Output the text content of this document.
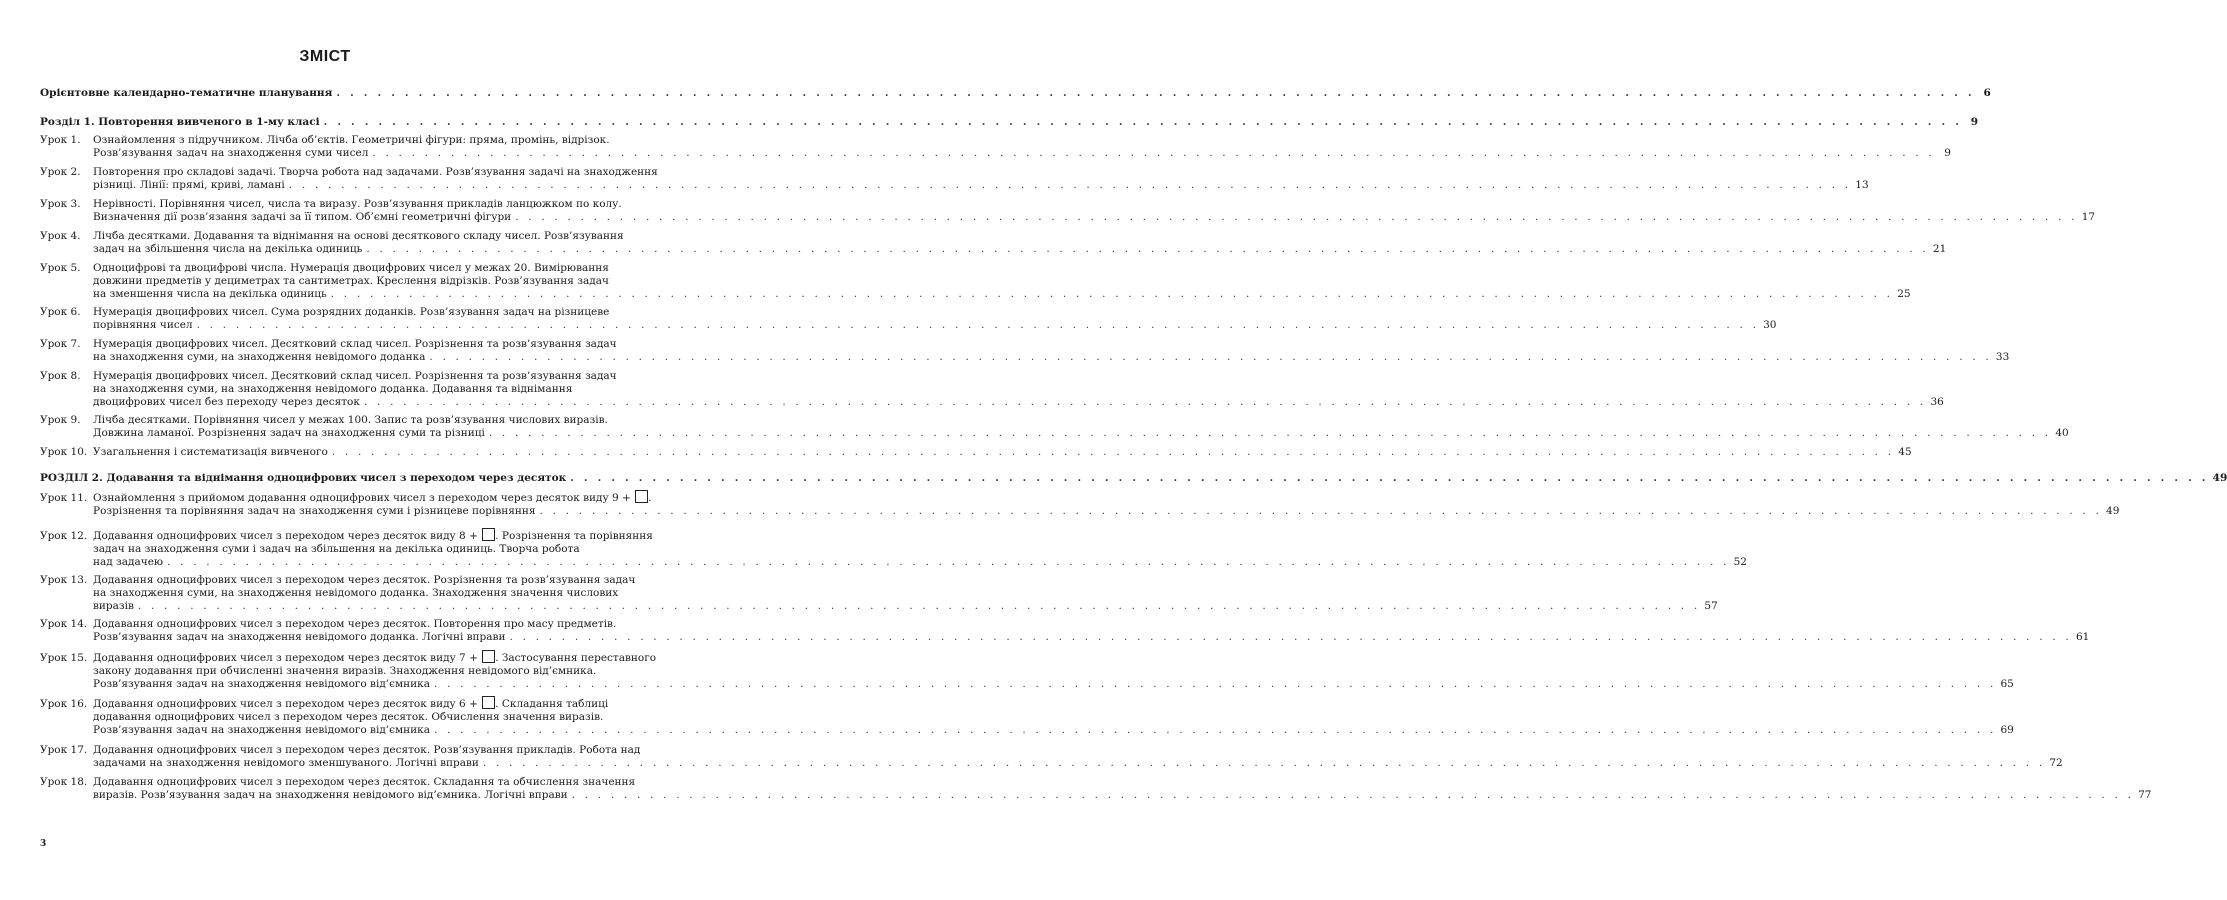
ЗМІСТ
Орієнтовне календарно-тематичне планування . . . . . . . . . . . . . . . . . . . . . . . . . . . . . . . . . . . . . . . . . . . . . . . . . . . . . . . . . . . . . . . . . . . . . . . . . . . . . . . . . . . . . . . . . . . . . . . . . . . . . . . . . . . . . . . . . . . . . . . . 6
Розділ 1. Повторення вивченого в 1-му класі . . . . . . . . . . . . . . . . . . . . . . . . . . . . . . . . . . . . . . . . . . . . . . . . . . . . . . . . . . . . . . . . . . . . . . . . . . . . . . . . . . . . . . . . . . . . . . . . . . . . . . . . . . . . . . . . . . . . . . . . 9
Урок 1. Ознайомлення з підручником. Лічба об’єктів. Геометричні фігури: пряма, промінь, відрізок.
Розв’язування задач на знаходження суми чисел . . . . . . . . . . . . . . . . . . . . . . . . . . . . . . . . . . . . . . . . . . . . . . . . . . . . . . . . . . . . . . . . . . . . . . . . . . . . . . . . . . . . . . . . . . . . . . . . . . . . . . . . . . . . . . . . . . . . . . . . 9
Урок 2. Повторення про складові задачі. Творча робота над задачами. Розв’язування задачі на знаходження
різниці. Лінії: прямі, криві, ламані . . . . . . . . . . . . . . . . . . . . . . . . . . . . . . . . . . . . . . . . . . . . . . . . . . . . . . . . . . . . . . . . . . . . . . . . . . . . . . . . . . . . . . . . . . . . . . . . . . . . . . . . . . . . . . . . . . . . . . . . 13
Урок 3. Нерівності. Порівняння чисел, числа та виразу. Розв’язування прикладів ланцюжком по колу.
Визначення дії розв’язання задачі за її типом. Об’ємні геометричні фігури . . . . . . . . . . . . . . . . . . . . . . . . . . . . . . . . . . . . . . . . . . . . . . . . . . . . . . . . . . . . . . . . . . . . . . . . . . . . . . . . . . . . . . . . . . . . . . . . . . . . . . . . . . . . . . . . . . . . . . . . 17
Урок 4. Лічба десятками. Додавання та віднімання на основі десяткового складу чисел. Розв’язування
задач на збільшення числа на декілька одиниць . . . . . . . . . . . . . . . . . . . . . . . . . . . . . . . . . . . . . . . . . . . . . . . . . . . . . . . . . . . . . . . . . . . . . . . . . . . . . . . . . . . . . . . . . . . . . . . . . . . . . . . . . . . . . . . . . . . . . . . . 21
Урок 5. Одноцифрові та двоцифрові числа. Нумерація двоцифрових чисел у межах 20. Вимірювання
довжини предметів у дециметрах та сантиметрах. Креслення відрізків. Розв’язування задач
на зменшення числа на декілька одиниць . . . . . . . . . . . . . . . . . . . . . . . . . . . . . . . . . . . . . . . . . . . . . . . . . . . . . . . . . . . . . . . . . . . . . . . . . . . . . . . . . . . . . . . . . . . . . . . . . . . . . . . . . . . . . . . . . . . . . . . . 25
Урок 6. Нумерація двоцифрових чисел. Сума розрядних доданків. Розв’язування задач на різницеве
порівняння чисел . . . . . . . . . . . . . . . . . . . . . . . . . . . . . . . . . . . . . . . . . . . . . . . . . . . . . . . . . . . . . . . . . . . . . . . . . . . . . . . . . . . . . . . . . . . . . . . . . . . . . . . . . . . . . . . . . . . . . . . . 30
Урок 7. Нумерація двоцифрових чисел. Десятковий склад чисел. Розрізнення та розв’язування задач
на знаходження суми, на знаходження невідомого доданка . . . . . . . . . . . . . . . . . . . . . . . . . . . . . . . . . . . . . . . . . . . . . . . . . . . . . . . . . . . . . . . . . . . . . . . . . . . . . . . . . . . . . . . . . . . . . . . . . . . . . . . . . . . . . . . . . . . . . . . . 33
Урок 8. Нумерація двоцифрових чисел. Десятковий склад чисел. Розрізнення та розв’язування задач
на знаходження суми, на знаходження невідомого доданка. Додавання та віднімання
двоцифрових чисел без переходу через десяток . . . . . . . . . . . . . . . . . . . . . . . . . . . . . . . . . . . . . . . . . . . . . . . . . . . . . . . . . . . . . . . . . . . . . . . . . . . . . . . . . . . . . . . . . . . . . . . . . . . . . . . . . . . . . . . . . . . . . . . . 36
Урок 9. Лічба десятками. Порівняння чисел у межах 100. Запис та розв’язування числових виразів.
Довжина ламаної. Розрізнення задач на знаходження суми та різниці . . . . . . . . . . . . . . . . . . . . . . . . . . . . . . . . . . . . . . . . . . . . . . . . . . . . . . . . . . . . . . . . . . . . . . . . . . . . . . . . . . . . . . . . . . . . . . . . . . . . . . . . . . . . . . . . . . . . . . . . 40
Урок 10. Узагальнення і систематизація вивченого . . . . . . . . . . . . . . . . . . . . . . . . . . . . . . . . . . . . . . . . . . . . . . . . . . . . . . . . . . . . . . . . . . . . . . . . . . . . . . . . . . . . . . . . . . . . . . . . . . . . . . . . . . . . . . . . . . . . . . . . 45
РОЗДІЛ 2. Додавання та віднімання одноцифрових чисел з переходом через десяток . . . . . . . . . . . . . . . . . . . . . . . . . . . . . . . . . . . . . . . . . . . . . . . . . . . . . . . . . . . . . . . . . . . . . . . . . . . . . . . . . . . . . . . . . . . . . . . . . . . . . . . . . . . . . . . . . . . . . . . . 49
Урок 11. Ознайомлення з прийомом додавання одноцифрових чисел з переходом через десяток виду 9 + .
Розрізнення та порівняння задач на знаходження суми і різницеве порівняння . . . . . . . . . . . . . . . . . . . . . . . . . . . . . . . . . . . . . . . . . . . . . . . . . . . . . . . . . . . . . . . . . . . . . . . . . . . . . . . . . . . . . . . . . . . . . . . . . . . . . . . . . . . . . . . . . . . . . . . . 49
Урок 12. Додавання одноцифрових чисел з переходом через десяток виду 8 + . Розрізнення та порівняння
задач на знаходження суми і задач на збільшення на декілька одиниць. Творча робота
над задачею . . . . . . . . . . . . . . . . . . . . . . . . . . . . . . . . . . . . . . . . . . . . . . . . . . . . . . . . . . . . . . . . . . . . . . . . . . . . . . . . . . . . . . . . . . . . . . . . . . . . . . . . . . . . . . . . . . . . . . . . 52
Урок 13. Додавання одноцифрових чисел з переходом через десяток. Розрізнення та розв’язування задач
на знаходження суми, на знаходження невідомого доданка. Знаходження значення числових
виразів . . . . . . . . . . . . . . . . . . . . . . . . . . . . . . . . . . . . . . . . . . . . . . . . . . . . . . . . . . . . . . . . . . . . . . . . . . . . . . . . . . . . . . . . . . . . . . . . . . . . . . . . . . . . . . . . . . . . . . . . 57
Урок 14. Додавання одноцифрових чисел з переходом через десяток. Повторення про масу предметів.
Розв’язування задач на знаходження невідомого доданка. Логічні вправи . . . . . . . . . . . . . . . . . . . . . . . . . . . . . . . . . . . . . . . . . . . . . . . . . . . . . . . . . . . . . . . . . . . . . . . . . . . . . . . . . . . . . . . . . . . . . . . . . . . . . . . . . . . . . . . . . . . . . . . . 61
Урок 15. Додавання одноцифрових чисел з переходом через десяток виду 7 + . Застосування переставного
закону додавання при обчисленні значення виразів. Знаходження невідомого від’ємника.
Розв’язування задач на знаходження невідомого від’ємника . . . . . . . . . . . . . . . . . . . . . . . . . . . . . . . . . . . . . . . . . . . . . . . . . . . . . . . . . . . . . . . . . . . . . . . . . . . . . . . . . . . . . . . . . . . . . . . . . . . . . . . . . . . . . . . . . . . . . . . . 65
Урок 16. Додавання одноцифрових чисел з переходом через десяток виду 6 + . Складання таблиці
додавання одноцифрових чисел з переходом через десяток. Обчислення значення виразів.
Розв’язування задач на знаходження невідомого від’ємника . . . . . . . . . . . . . . . . . . . . . . . . . . . . . . . . . . . . . . . . . . . . . . . . . . . . . . . . . . . . . . . . . . . . . . . . . . . . . . . . . . . . . . . . . . . . . . . . . . . . . . . . . . . . . . . . . . . . . . . . 69
Урок 17. Додавання одноцифрових чисел з переходом через десяток. Розв’язування прикладів. Робота над
задачами на знаходження невідомого зменшуваного. Логічні вправи . . . . . . . . . . . . . . . . . . . . . . . . . . . . . . . . . . . . . . . . . . . . . . . . . . . . . . . . . . . . . . . . . . . . . . . . . . . . . . . . . . . . . . . . . . . . . . . . . . . . . . . . . . . . . . . . . . . . . . . . 72
Урок 18. Додавання одноцифрових чисел з переходом через десяток. Складання та обчислення значення
виразів. Розв’язування задач на знаходження невідомого від’ємника. Логічні вправи . . . . . . . . . . . . . . . . . . . . . . . . . . . . . . . . . . . . . . . . . . . . . . . . . . . . . . . . . . . . . . . . . . . . . . . . . . . . . . . . . . . . . . . . . . . . . . . . . . . . . . . . . . . . . . . . . . . . . . . . 77
3
